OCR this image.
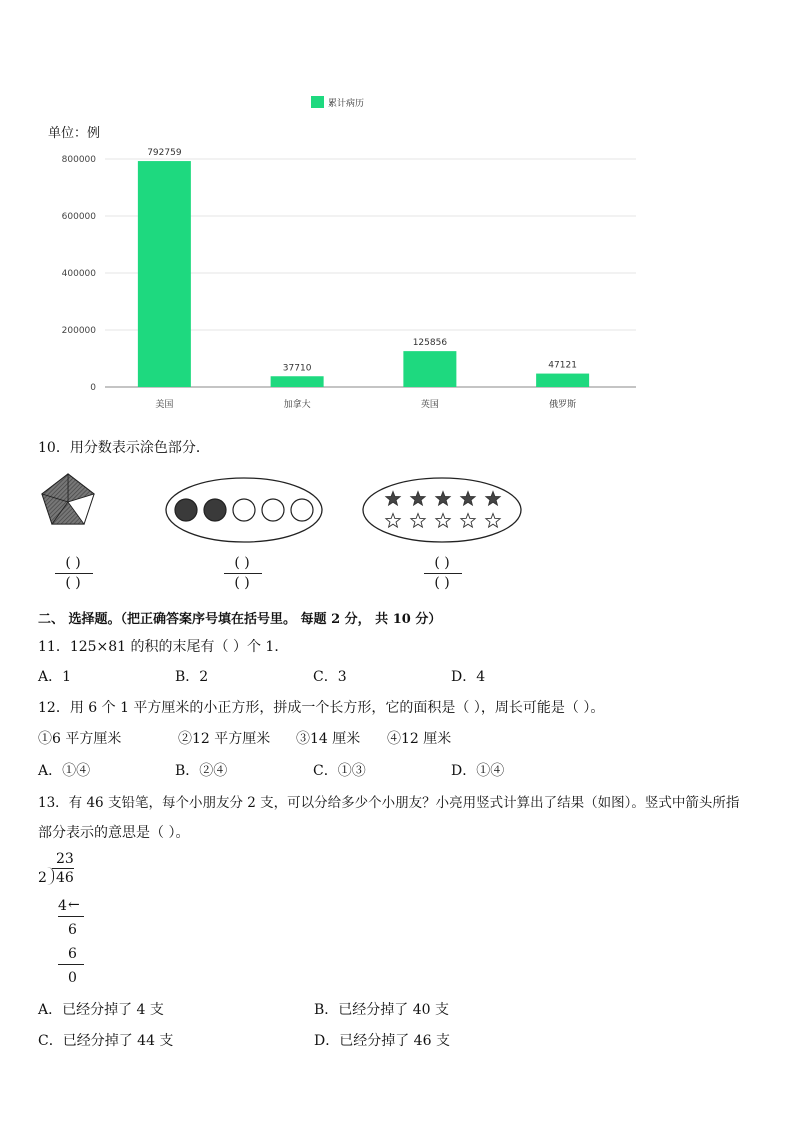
累计病历
0
200000
400000
600000
800000
792759
美国
37710
加拿大
125856
英国
47121
俄罗斯
单位：例
10．用分数表示涂色部分．
( )
( )
( )
( )
( )
( )
二、 选择题。（把正确答案序号填在括号里。 每题 2 分， 共 10 分）
11．125×81 的积的末尾有（ ）个 1．
A．1	B．2	C．3	D．4
12．用 6 个 1 平方厘米的小正方形，拼成一个长方形，它的面积是（ ），周长可能是（ ）。
①6 平方厘米	②12 平方厘米 ③14 厘米 ④12 厘米
A．①④	B．②④	C．①③	D．①④
13．有 46 支铅笔，每个小朋友分 2 支，可以分给多少个小朋友？小亮用竖式计算出了结果（如图）。竖式中箭头所指
部分表示的意思是（ ）。
23
2 46
4 ←
6
6
0
A．已经分掉了 4 支	B．已经分掉了 40 支
C．已经分掉了 44 支	D．已经分掉了 46 支
